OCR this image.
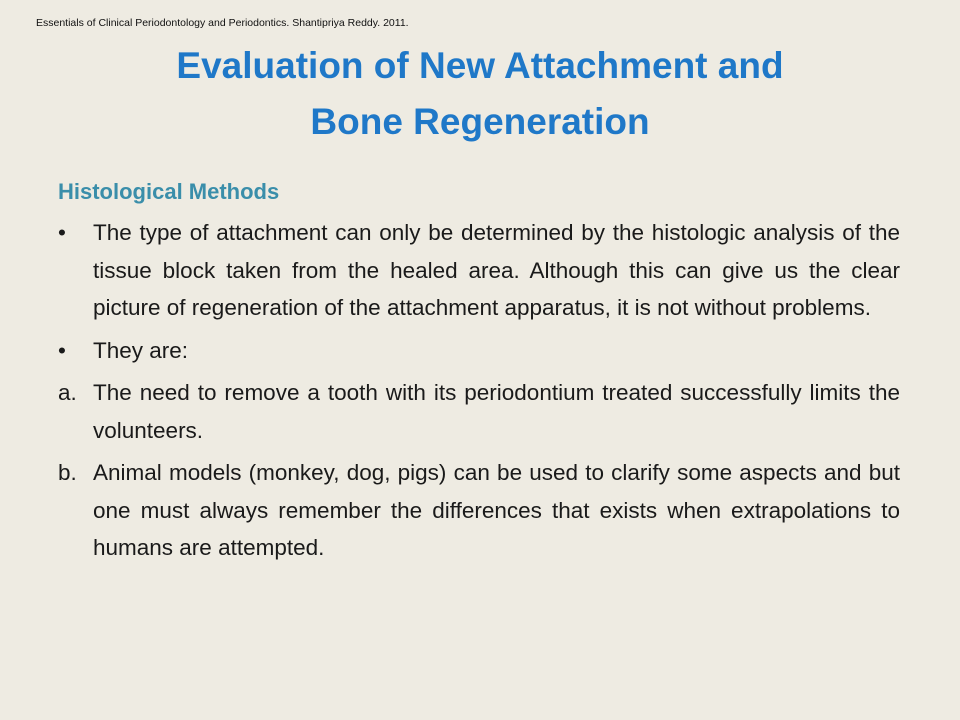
Essentials of Clinical Periodontology and Periodontics. Shantipriya Reddy. 2011.
Evaluation of New Attachment and
Bone Regeneration
Histological Methods

• The type of attachment can only be determined by the histologic analysis of the tissue block taken from the healed area. Although this can give us the clear picture of regeneration of the attachment apparatus, it is not without problems.

• They are:

a. The need to remove a tooth with its periodontium treated successfully limits the volunteers.

b. Animal models (monkey, dog, pigs) can be used to clarify some aspects and but one must always remember the differences that exists when extrapolations to humans are attempted.
